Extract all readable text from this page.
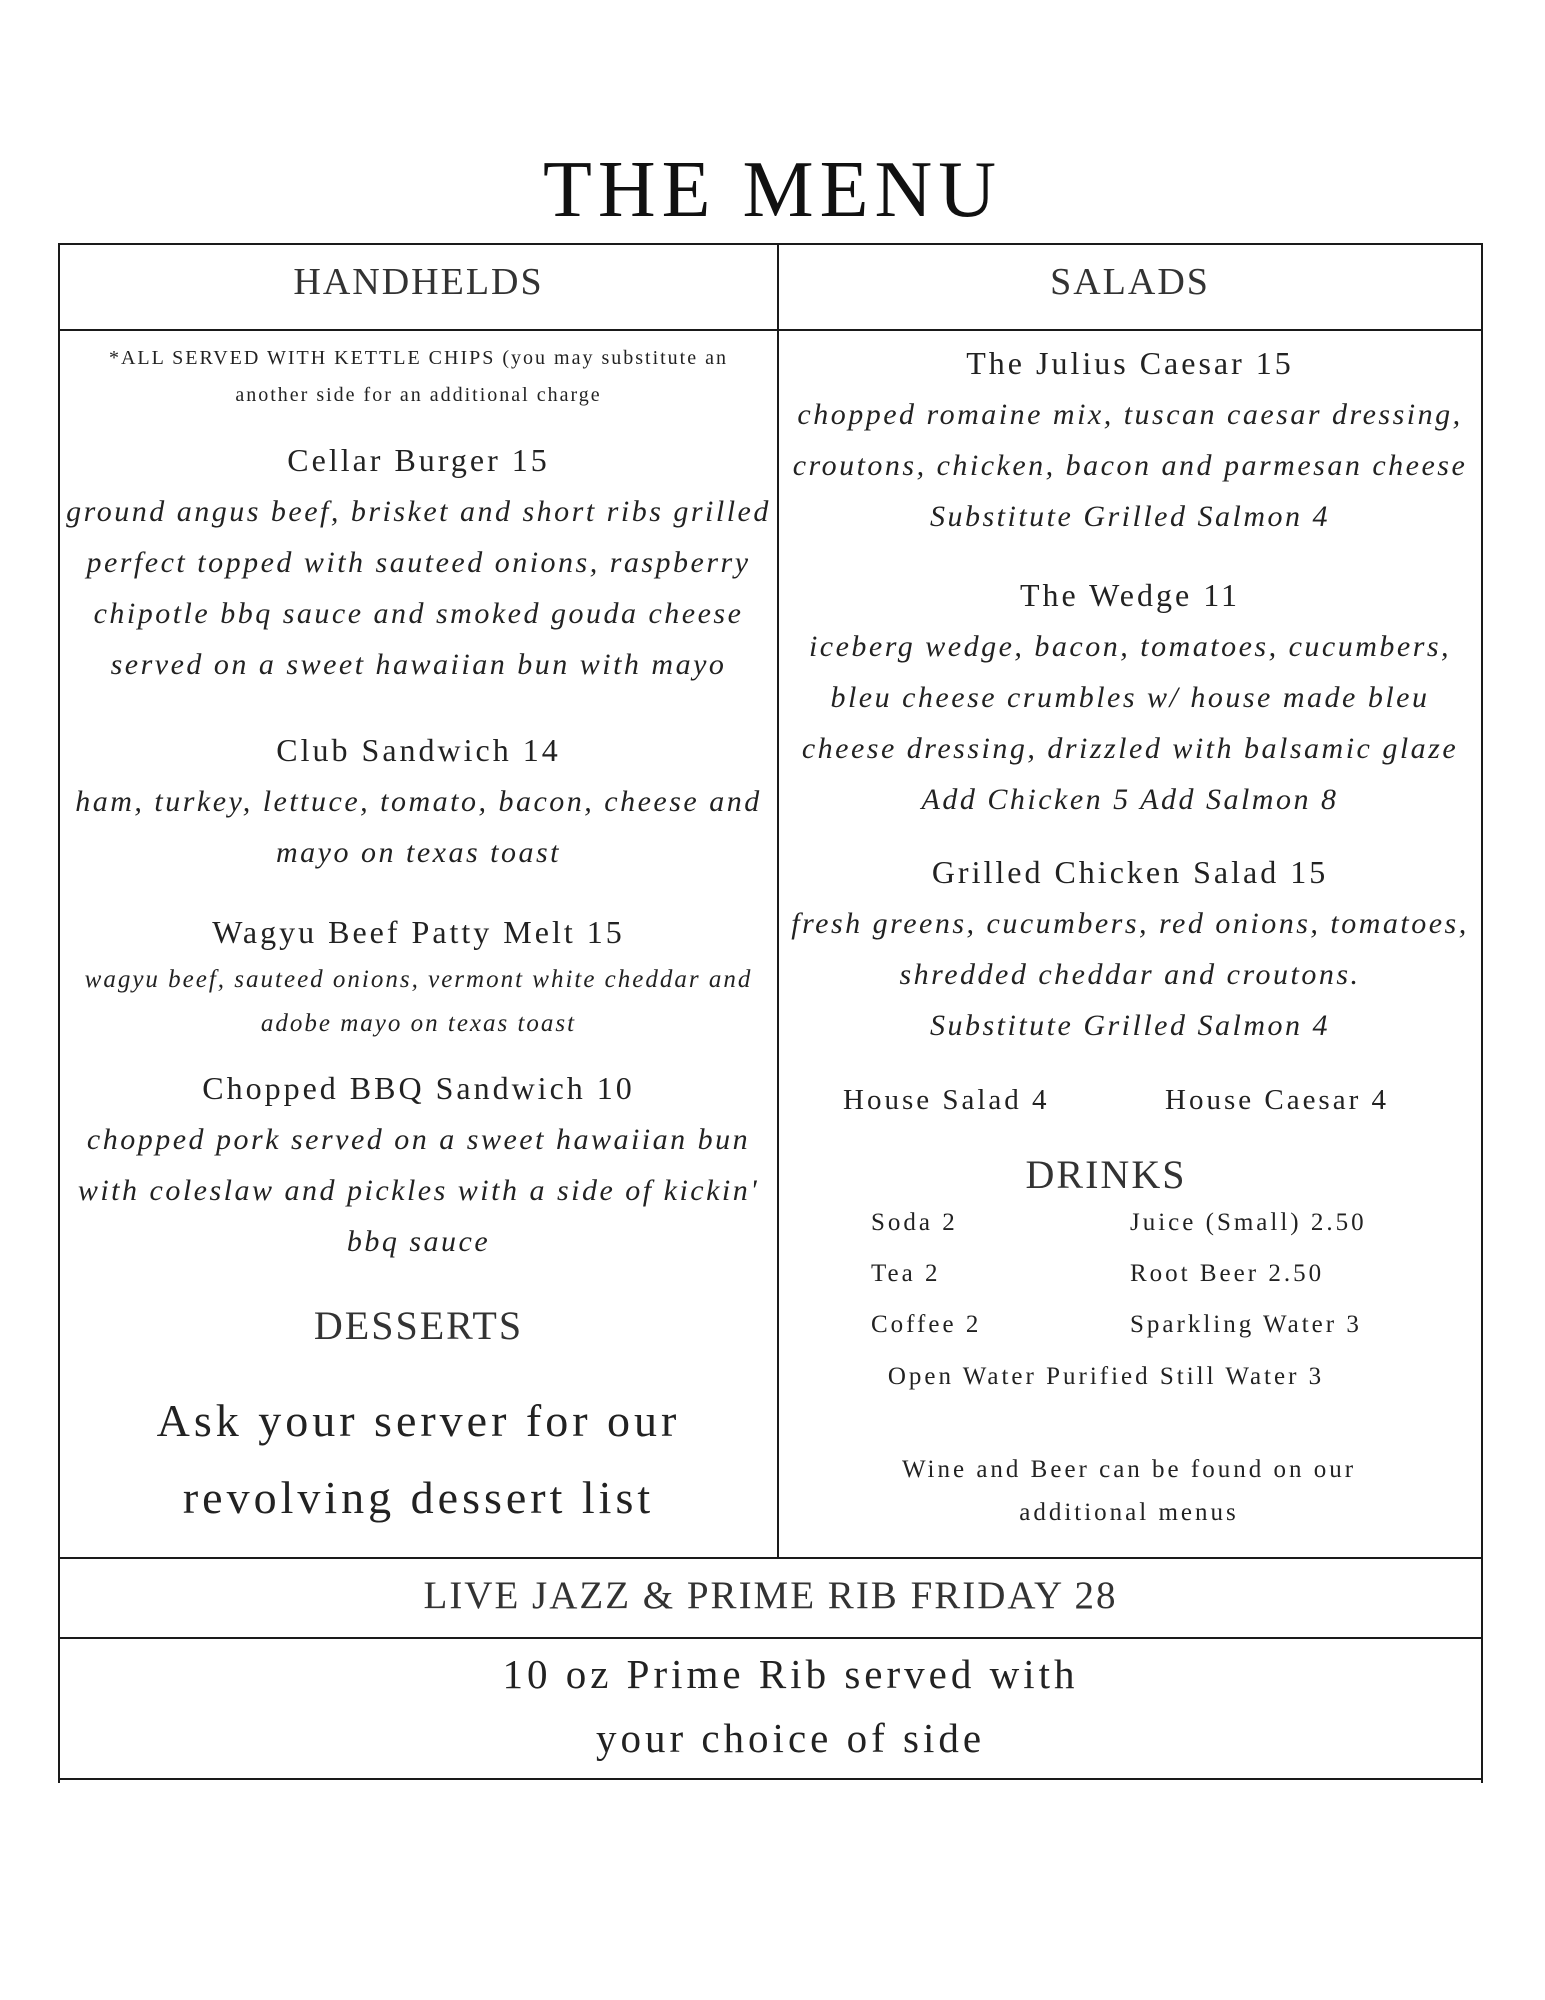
THE MENU
HANDHELDS
*ALL SERVED WITH KETTLE CHIPS (you may substitute an
another side for an additional charge
Cellar Burger 15
ground angus beef, brisket and short ribs grilled
perfect topped with sauteed onions, raspberry
chipotle bbq sauce and smoked gouda cheese
served on a sweet hawaiian bun with mayo
Club Sandwich 14
ham, turkey, lettuce, tomato, bacon, cheese and
mayo on texas toast
Wagyu Beef Patty Melt 15
wagyu beef, sauteed onions, vermont white cheddar and
adobe mayo on texas toast
Chopped BBQ Sandwich 10
chopped pork served on a sweet hawaiian bun
with coleslaw and pickles with a side of kickin'
bbq sauce
DESSERTS
Ask your server for our
revolving dessert list
SALADS
The Julius Caesar 15
chopped romaine mix, tuscan caesar dressing,
croutons, chicken, bacon and parmesan cheese
Substitute Grilled Salmon 4
The Wedge 11
iceberg wedge, bacon, tomatoes, cucumbers,
bleu cheese crumbles w/ house made bleu
cheese dressing, drizzled with balsamic glaze
Add Chicken 5 Add Salmon 8
Grilled Chicken Salad 15
fresh greens, cucumbers, red onions, tomatoes,
shredded cheddar and croutons.
Substitute Grilled Salmon 4
House Salad 4	House Caesar 4
DRINKS
Soda 2
Tea 2
Coffee 2
Juice (Small) 2.50
Root Beer 2.50
Sparkling Water 3
Open Water Purified Still Water 3
Wine and Beer can be found on our
additional menus
LIVE JAZZ & PRIME RIB FRIDAY 28
10 oz Prime Rib served with
your choice of side
